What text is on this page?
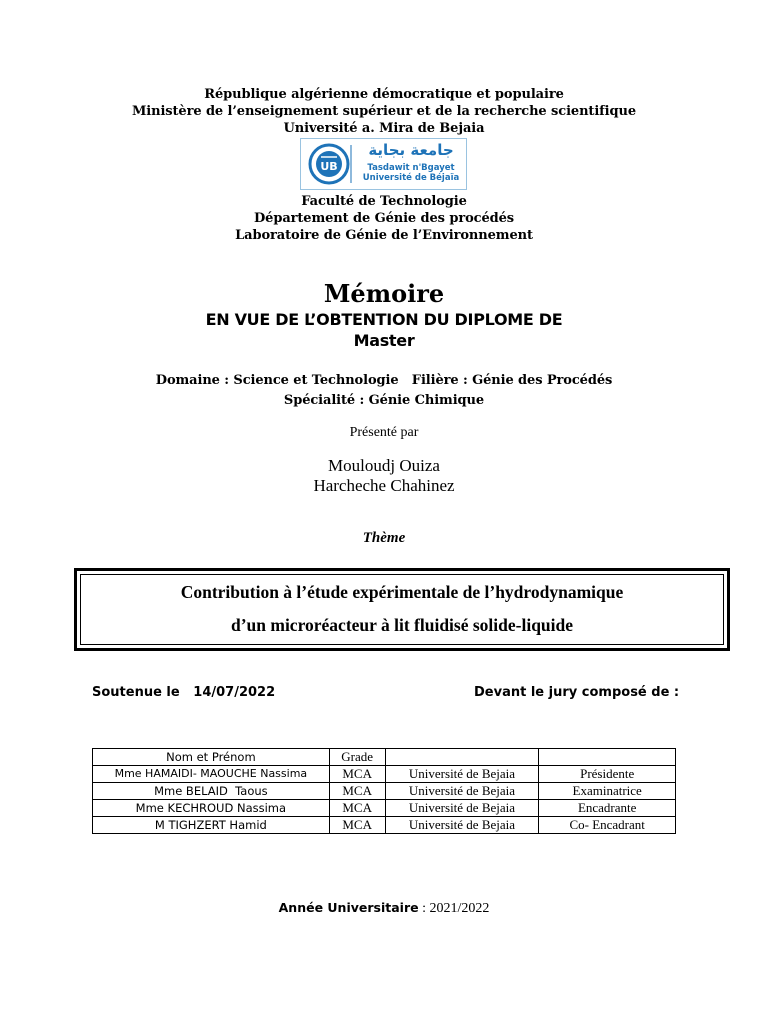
République algérienne démocratique et populaire
Ministère de l’enseignement supérieur et de la recherche scientifique
Université a. Mira de Bejaia
UB
جامعة بجاية
Tasdawit n'Bgayet
Université de Béjaïa
Faculté de Technologie
Département de Génie des procédés
Laboratoire de Génie de l’Environnement
Mémoire
EN VUE DE L’OBTENTION DU DIPLOME DE
Master
Domaine : Science et Technologie   Filière : Génie des Procédés
Spécialité : Génie Chimique
Présenté par
Mouloudj Ouiza
Harcheche Chahinez
Thème
Contribution à l’étude expérimentale de l’hydrodynamique
d’un microréacteur à lit fluidisé solide-liquide
Soutenue le   14/07/2022	Devant le jury composé de :
Nom et Prénom	Grade		
Mme HAMAIDI- MAOUCHE Nassima	MCA	Université de Bejaia	Présidente
Mme BELAID  Taous	MCA	Université de Bejaia	Examinatrice
Mme KECHROUD Nassima	MCA	Université de Bejaia	Encadrante
M TIGHZERT Hamid	MCA	Université de Bejaia	Co- Encadrant
Année Universitaire : 2021/2022
